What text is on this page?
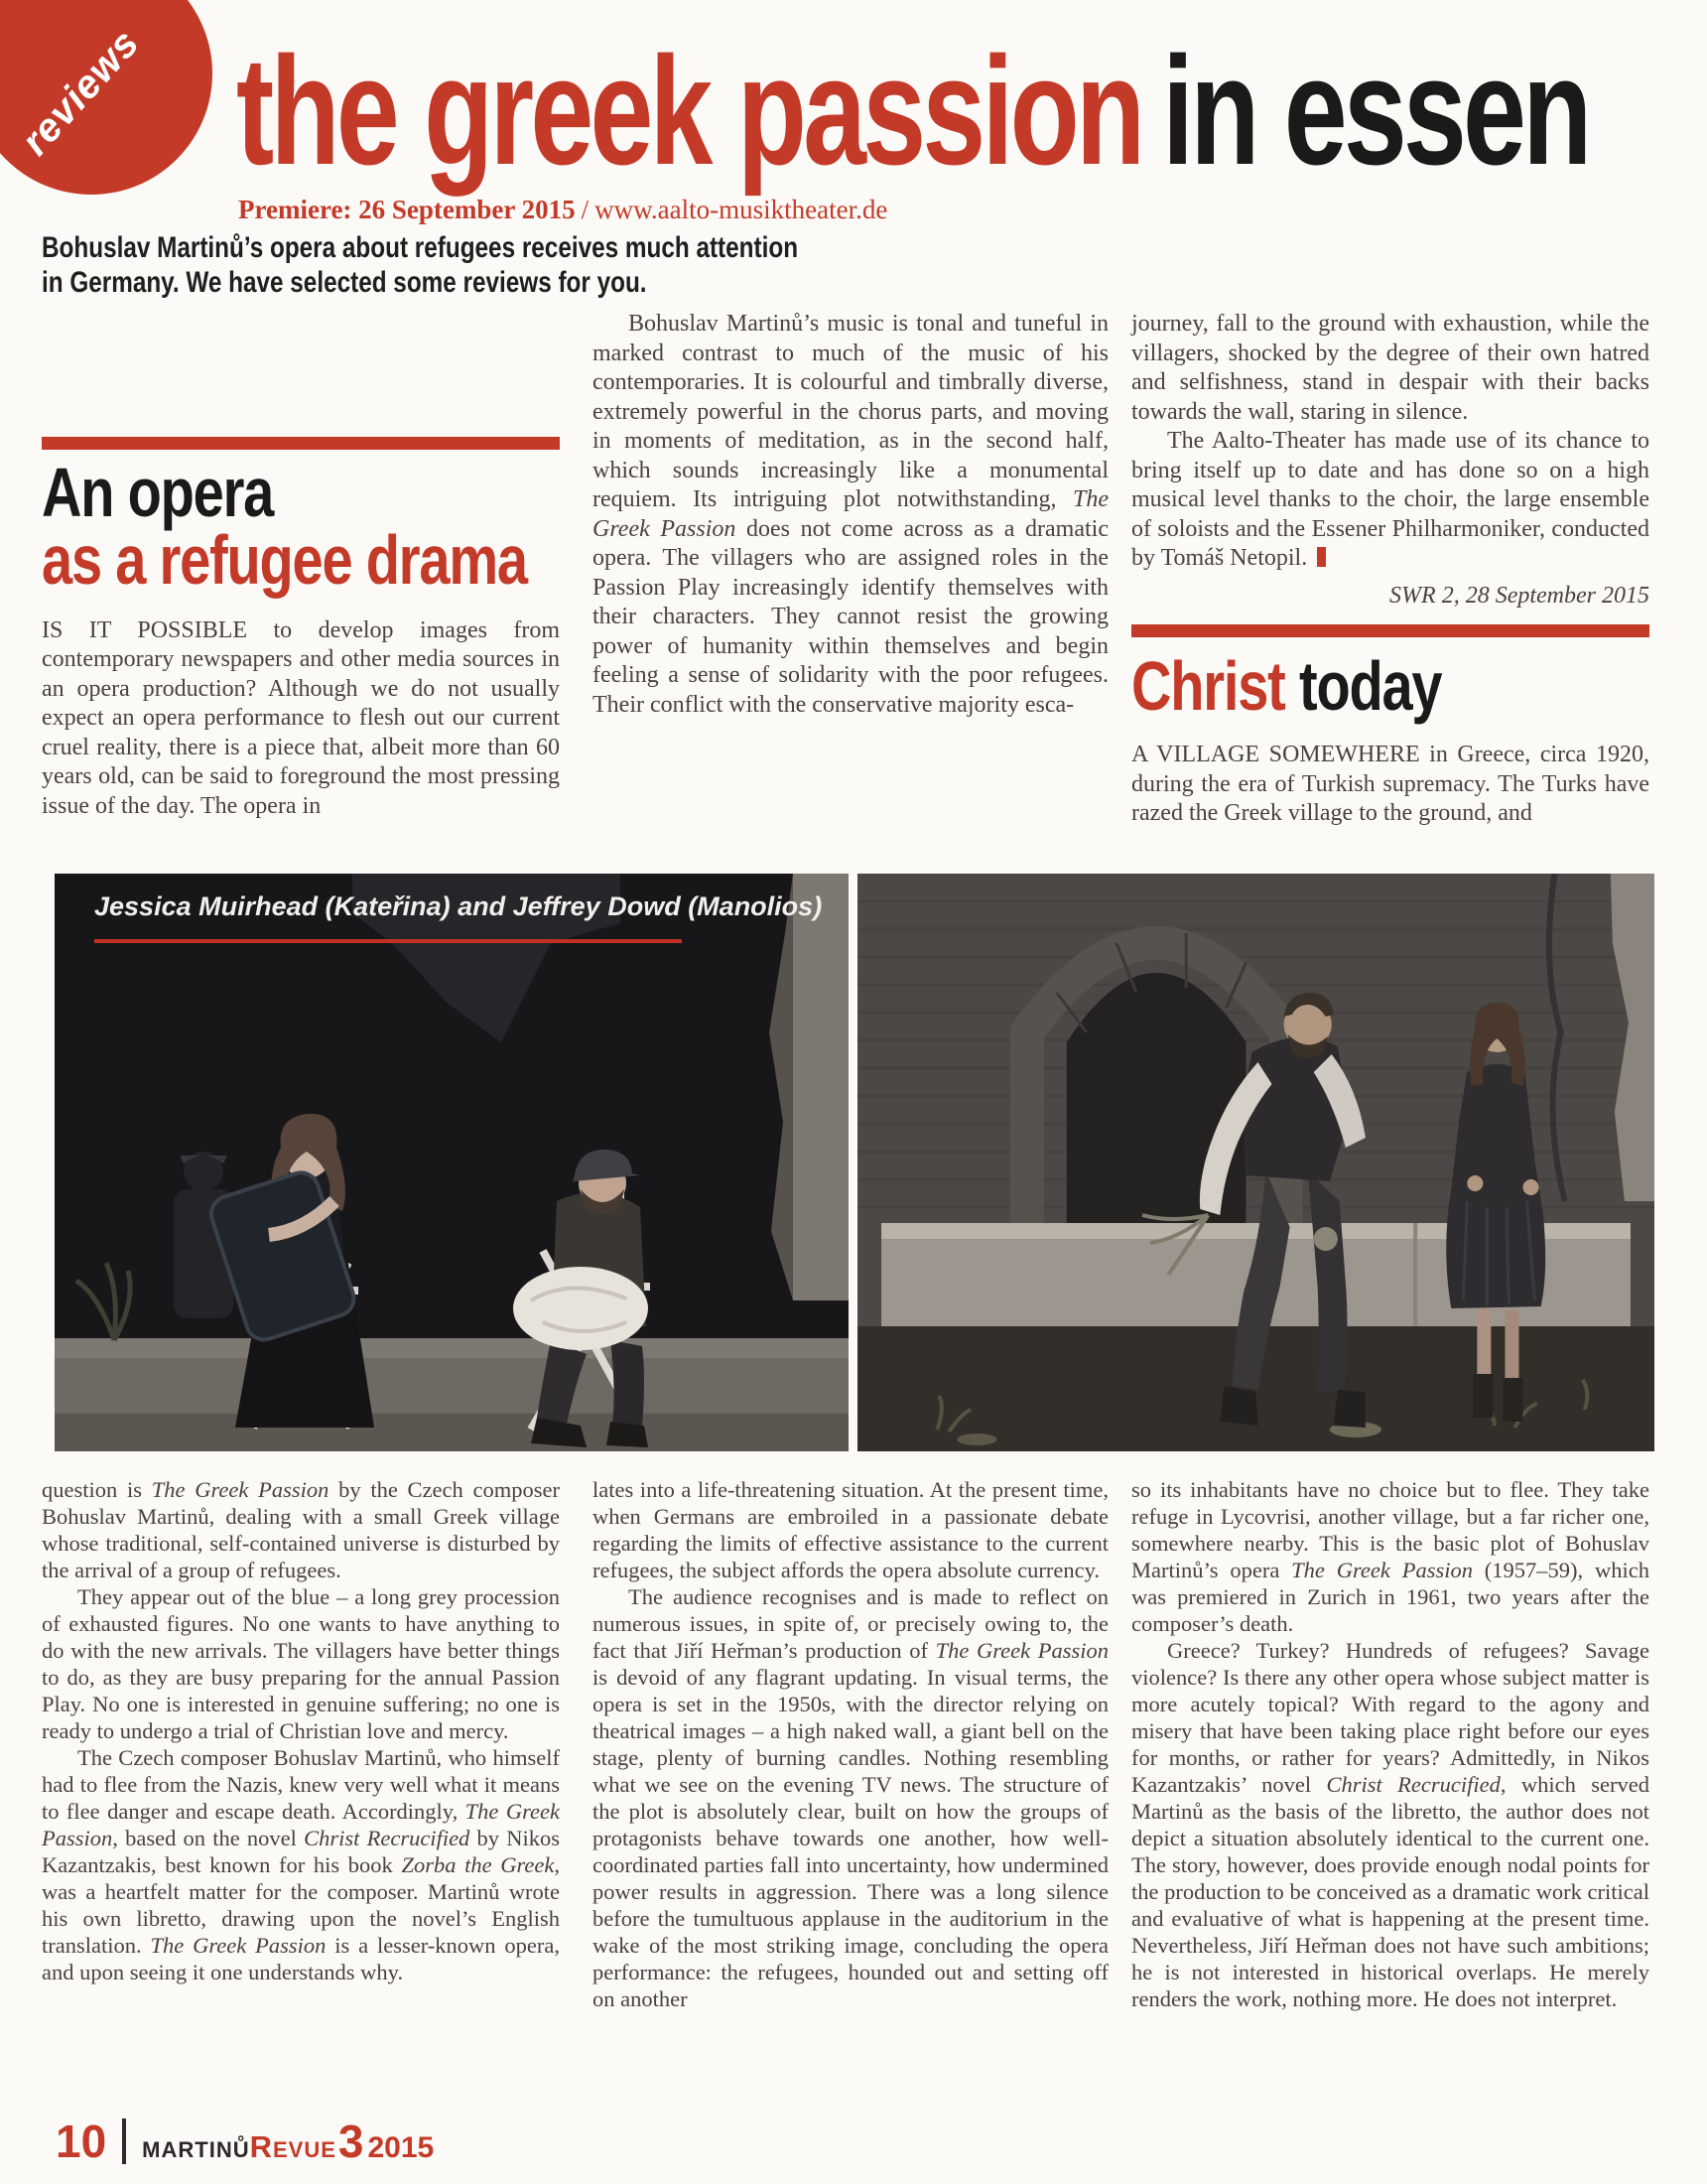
reviews the greek passion in essen
Premiere: 26 September 2015 / www.aalto-musiktheater.de
Bohuslav Martinů’s opera about refugees receives much attention in Germany. We have selected some reviews for you.
An opera
as a refugee drama

IS IT POSSIBLE to develop images from contemporary newspapers and other media sources in an opera production? Although we do not usually expect an opera performance to flesh out our current cruel reality, there is a piece that, albeit more than 60 years old, can be said to foreground the most pressing issue of the day. The opera in

Bohuslav Martinů’s music is tonal and tuneful in marked contrast to much of the music of his contemporaries. It is colourful and timbrally diverse, extremely powerful in the chorus parts, and moving in moments of meditation, as in the second half, which sounds increasingly like a monumental requiem. Its intriguing plot notwithstanding, The Greek Passion does not come across as a dramatic opera. The villagers who are assigned roles in the Passion Play increasingly identify themselves with their characters. They cannot resist the growing power of humanity within themselves and begin feeling a sense of solidarity with the poor refugees. Their conflict with the conservative majority esca-

journey, fall to the ground with exhaustion, while the villagers, shocked by the degree of their own hatred and selfishness, stand in despair with their backs towards the wall, staring in silence.

The Aalto-Theater has made use of its chance to bring itself up to date and has done so on a high musical level thanks to the choir, the large ensemble of soloists and the Essener Philharmoniker, conducted by Tomáš Netopil.

SWR 2, 28 September 2015

Christ today

A VILLAGE SOMEWHERE in Greece, circa 1920, during the era of Turkish supremacy. The Turks have razed the Greek village to the ground, and

Jessica Muirhead (Kateřina) and Jeffrey Dowd (Manolios)

question is The Greek Passion by the Czech composer Bohuslav Martinů, dealing with a small Greek village whose traditional, self-contained universe is disturbed by the arrival of a group of refugees.

They appear out of the blue – a long grey procession of exhausted figures. No one wants to have anything to do with the new arrivals. The villagers have better things to do, as they are busy preparing for the annual Passion Play. No one is interested in genuine suffering; no one is ready to undergo a trial of Christian love and mercy.

The Czech composer Bohuslav Martinů, who himself had to flee from the Nazis, knew very well what it means to flee danger and escape death. Accordingly, The Greek Passion, based on the novel Christ Recrucified by Nikos Kazantzakis, best known for his book Zorba the Greek, was a heartfelt matter for the composer. Martinů wrote his own libretto, drawing upon the novel’s English translation. The Greek Passion is a lesser-known opera, and upon seeing it one understands why.

lates into a life-threatening situation. At the present time, when Germans are embroiled in a passionate debate regarding the limits of effective assistance to the current refugees, the subject affords the opera absolute currency.

The audience recognises and is made to reflect on numerous issues, in spite of, or precisely owing to, the fact that Jiří Heřman’s production of The Greek Passion is devoid of any flagrant updating. In visual terms, the opera is set in the 1950s, with the director relying on theatrical images – a high naked wall, a giant bell on the stage, plenty of burning candles. Nothing resembling what we see on the evening TV news. The structure of the plot is absolutely clear, built on how the groups of protagonists behave towards one another, how well-coordinated parties fall into uncertainty, how undermined power results in aggression. There was a long silence before the tumultuous applause in the auditorium in the wake of the most striking image, concluding the opera performance: the refugees, hounded out and setting off on another

so its inhabitants have no choice but to flee. They take refuge in Lycovrisi, another village, but a far richer one, somewhere nearby. This is the basic plot of Bohuslav Martinů’s opera The Greek Passion (1957–59), which was premiered in Zurich in 1961, two years after the composer’s death.

Greece? Turkey? Hundreds of refugees? Savage violence? Is there any other opera whose subject matter is more acutely topical? With regard to the agony and misery that have been taking place right before our eyes for months, or rather for years? Admittedly, in Nikos Kazantzakis’ novel Christ Recrucified, which served Martinů as the basis of the libretto, the author does not depict a situation absolutely identical to the current one. The story, however, does provide enough nodal points for the production to be conceived as a dramatic work critical and evaluative of what is happening at the present time. Nevertheless, Jiří Heřman does not have such ambitions; he is not interested in historical overlaps. He merely renders the work, nothing more. He does not interpret.

10 martinů Revue 3 2015
